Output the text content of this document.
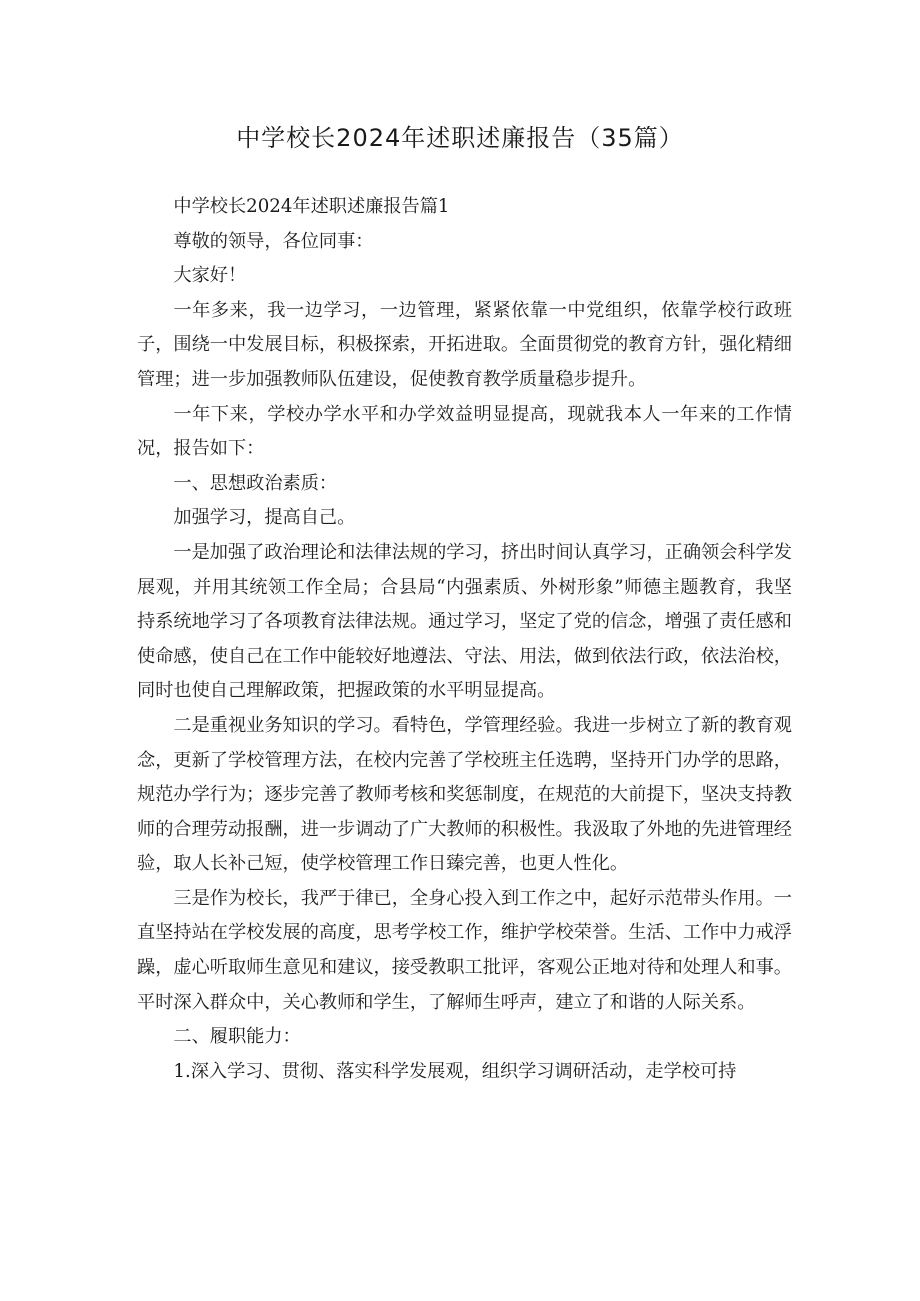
中学校长2024年述职述廉报告（35篇）

中学校长2024年述职述廉报告篇1

尊敬的领导，各位同事：

大家好！

一年多来，我一边学习，一边管理，紧紧依靠一中党组织，依靠学校行政班子，围绕一中发展目标，积极探索，开拓进取。全面贯彻党的教育方针，强化精细管理；进一步加强教师队伍建设，促使教育教学质量稳步提升。

一年下来，学校办学水平和办学效益明显提高，现就我本人一年来的工作情况，报告如下：

一、思想政治素质：

加强学习，提高自己。

一是加强了政治理论和法律法规的学习，挤出时间认真学习，正确领会科学发展观，并用其统领工作全局；合县局“内强素质、外树形象”师德主题教育，我坚持系统地学习了各项教育法律法规。通过学习，坚定了党的信念，增强了责任感和使命感，使自己在工作中能较好地遵法、守法、用法，做到依法行政，依法治校，同时也使自己理解政策，把握政策的水平明显提高。

二是重视业务知识的学习。看特色，学管理经验。我进一步树立了新的教育观念，更新了学校管理方法，在校内完善了学校班主任选聘，坚持开门办学的思路，规范办学行为；逐步完善了教师考核和奖惩制度，在规范的大前提下，坚决支持教师的合理劳动报酬，进一步调动了广大教师的积极性。我汲取了外地的先进管理经验，取人长补己短，使学校管理工作日臻完善，也更人性化。

三是作为校长，我严于律已，全身心投入到工作之中，起好示范带头作用。一直坚持站在学校发展的高度，思考学校工作，维护学校荣誉。生活、工作中力戒浮躁，虚心听取师生意见和建议，接受教职工批评，客观公正地对待和处理人和事。平时深入群众中，关心教师和学生，了解师生呼声，建立了和谐的人际关系。

二、履职能力：

1.深入学习、贯彻、落实科学发展观，组织学习调研活动，走学校可持
